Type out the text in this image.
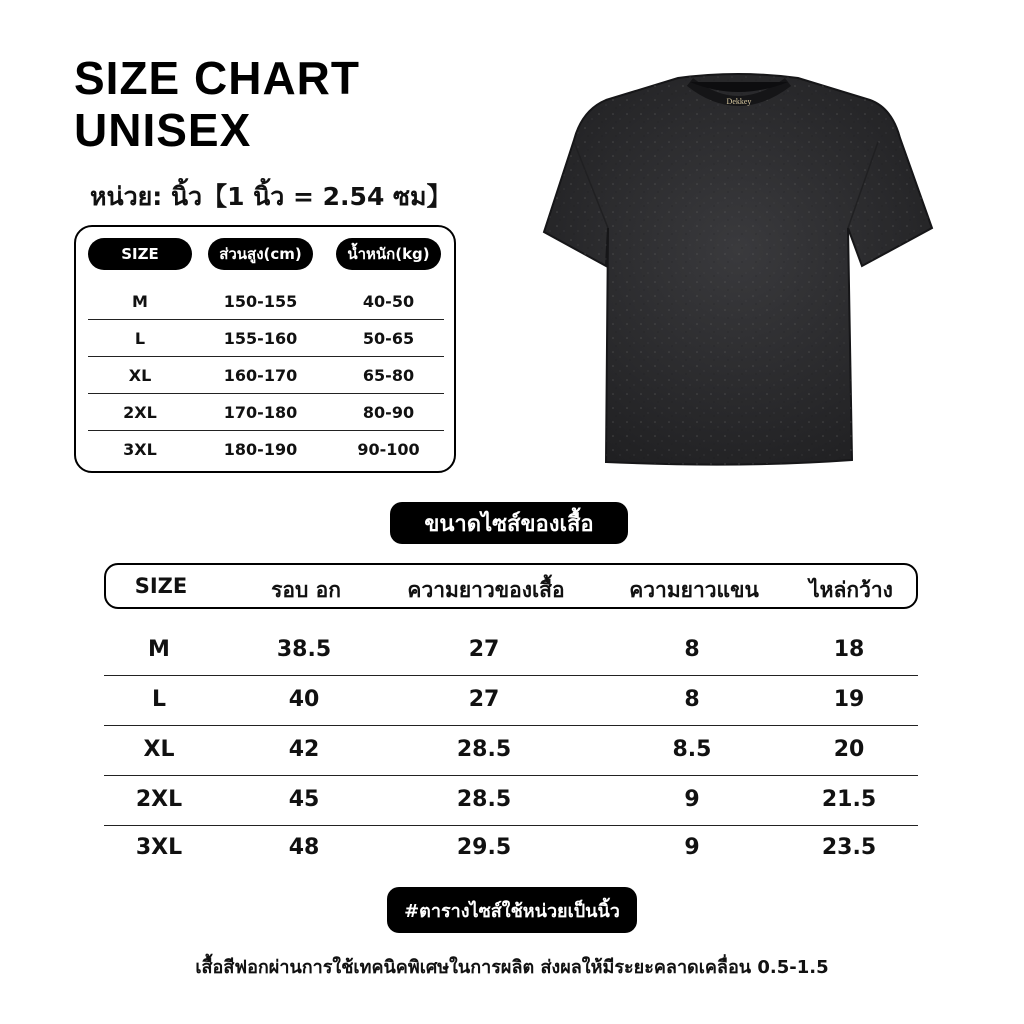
SIZE CHART
UNISEX
หน่วย: นิ้ว【1 นิ้ว = 2.54 ซม】
SIZE	ส่วนสูง(cm)	น้ำหนัก(kg)
M	150-155	40-50
L	155-160	50-65
XL	160-170	65-80
2XL	170-180	80-90
3XL	180-190	90-100
Dekkey
ขนาดไซส์ของเสื้อ
SIZE	รอบ อก	ความยาวของเสื้อ	ความยาวแขน	ไหล่กว้าง
M	38.5	27	8	18
L	40	27	8	19
XL	42	28.5	8.5	20
2XL	45	28.5	9	21.5
3XL	48	29.5	9	23.5
#ตารางไซส์ใช้หน่วยเป็นนิ้ว
เสื้อสีฟอกผ่านการใช้เทคนิคพิเศษในการผลิต ส่งผลให้มีระยะคลาดเคลื่อน 0.5-1.5
